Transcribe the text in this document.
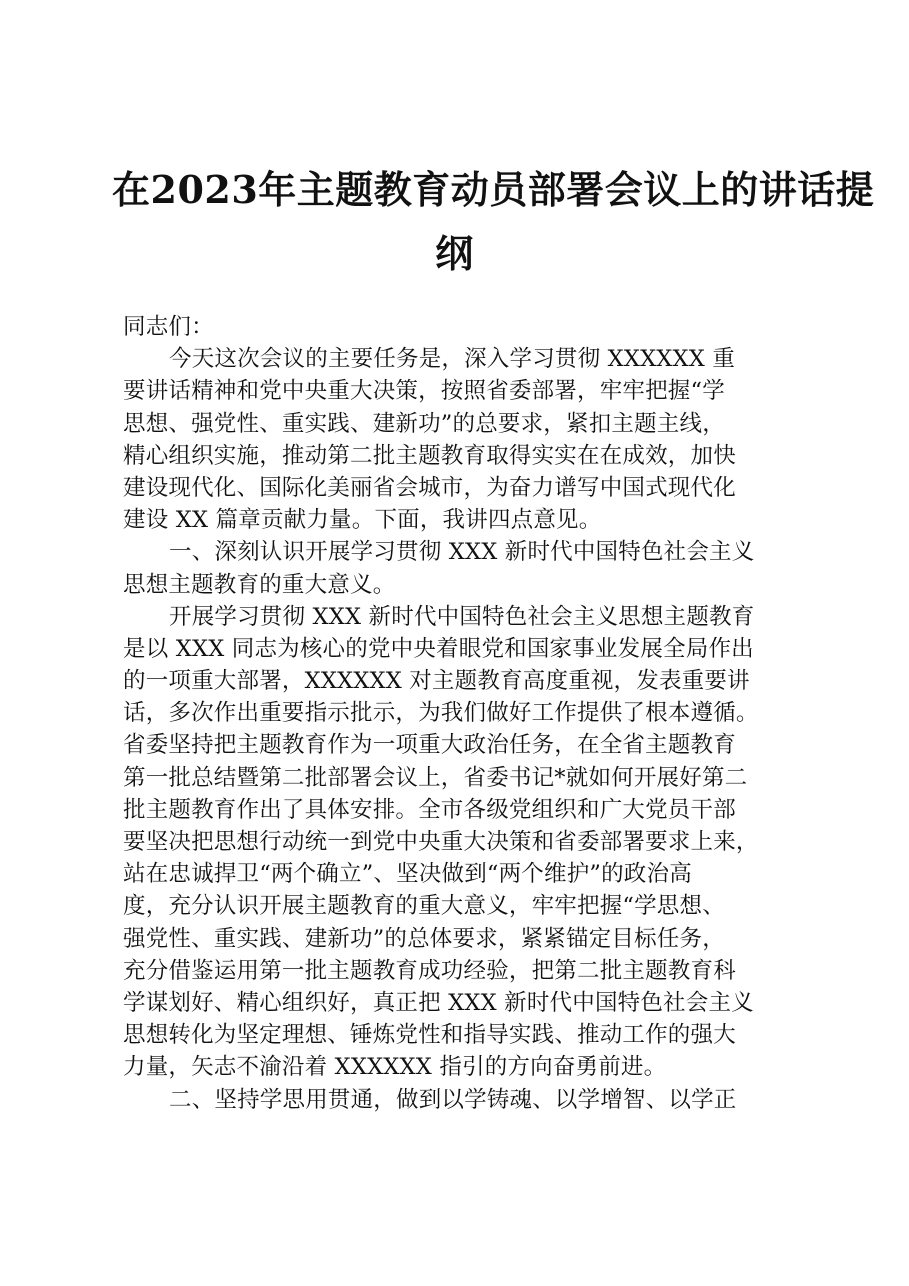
在2023年主题教育动员部署会议上的讲话提
纲
同志们：
今天这次会议的主要任务是，深入学习贯彻 XXXXXX 重
要讲话精神和党中央重大决策，按照省委部署，牢牢把握“学
思想、强党性、重实践、建新功”的总要求，紧扣主题主线，
精心组织实施，推动第二批主题教育取得实实在在成效，加快
建设现代化、国际化美丽省会城市，为奋力谱写中国式现代化
建设 XX 篇章贡献力量。下面，我讲四点意见。
一、深刻认识开展学习贯彻 XXX 新时代中国特色社会主义
思想主题教育的重大意义。
开展学习贯彻 XXX 新时代中国特色社会主义思想主题教育
是以 XXX 同志为核心的党中央着眼党和国家事业发展全局作出
的一项重大部署，XXXXXX 对主题教育高度重视，发表重要讲
话，多次作出重要指示批示，为我们做好工作提供了根本遵循。
省委坚持把主题教育作为一项重大政治任务，在全省主题教育
第一批总结暨第二批部署会议上，省委书记*就如何开展好第二
批主题教育作出了具体安排。全市各级党组织和广大党员干部
要坚决把思想行动统一到党中央重大决策和省委部署要求上来，
站在忠诚捍卫“两个确立”、坚决做到“两个维护”的政治高
度，充分认识开展主题教育的重大意义，牢牢把握“学思想、
强党性、重实践、建新功”的总体要求，紧紧锚定目标任务，
充分借鉴运用第一批主题教育成功经验，把第二批主题教育科
学谋划好、精心组织好，真正把 XXX 新时代中国特色社会主义
思想转化为坚定理想、锤炼党性和指导实践、推动工作的强大
力量，矢志不渝沿着 XXXXXX 指引的方向奋勇前进。
二、坚持学思用贯通，做到以学铸魂、以学增智、以学正
